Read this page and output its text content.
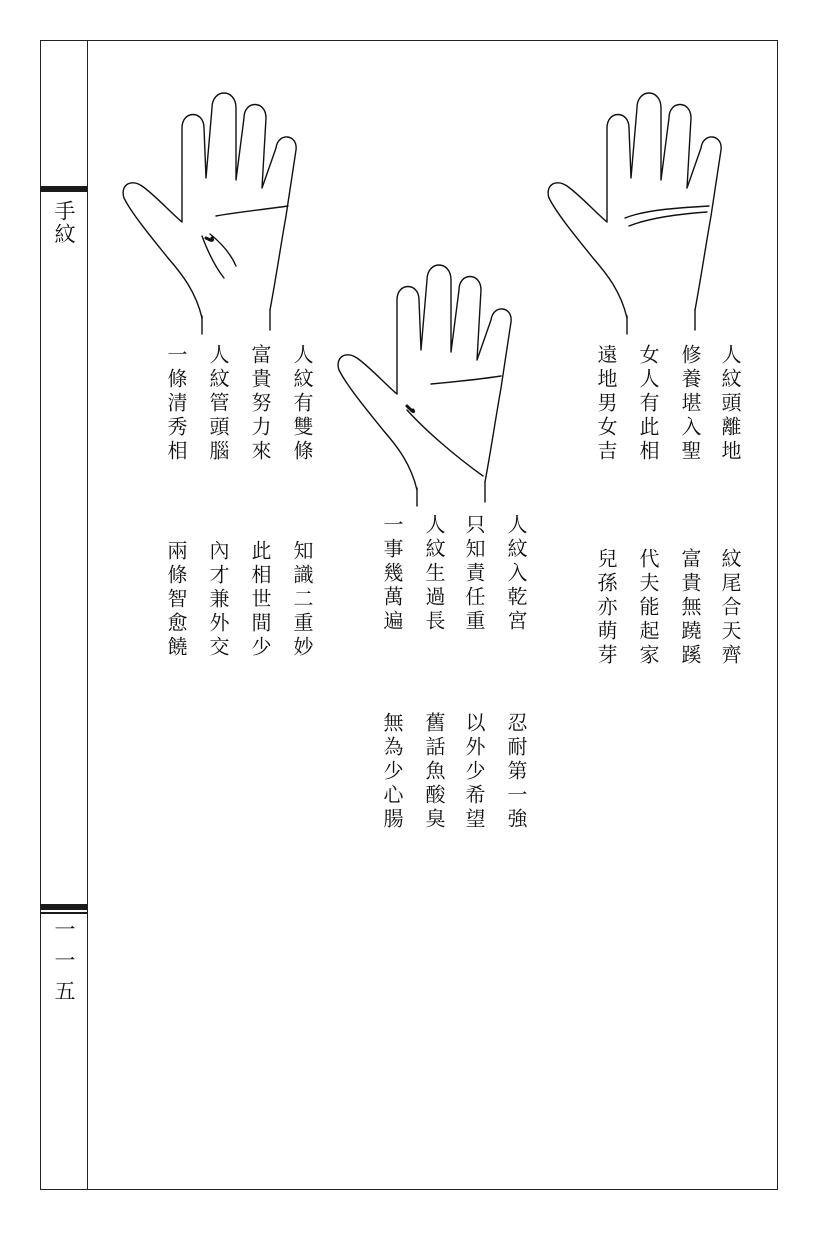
手紋
一一五
人紋頭離地
修養堪入聖
女人有此相
遠地男女吉
紋尾合天齊
富貴無蹺蹊
代夫能起家
兒孫亦萌芽
人紋入乾宮
只知責任重
人紋生過長
一事幾萬遍
忍耐第一強
以外少希望
舊話魚酸臭
無為少心腸
人紋有雙條
富貴努力來
人紋管頭腦
一條清秀相
知識二重妙
此相世間少
內才兼外交
兩條智愈饒
